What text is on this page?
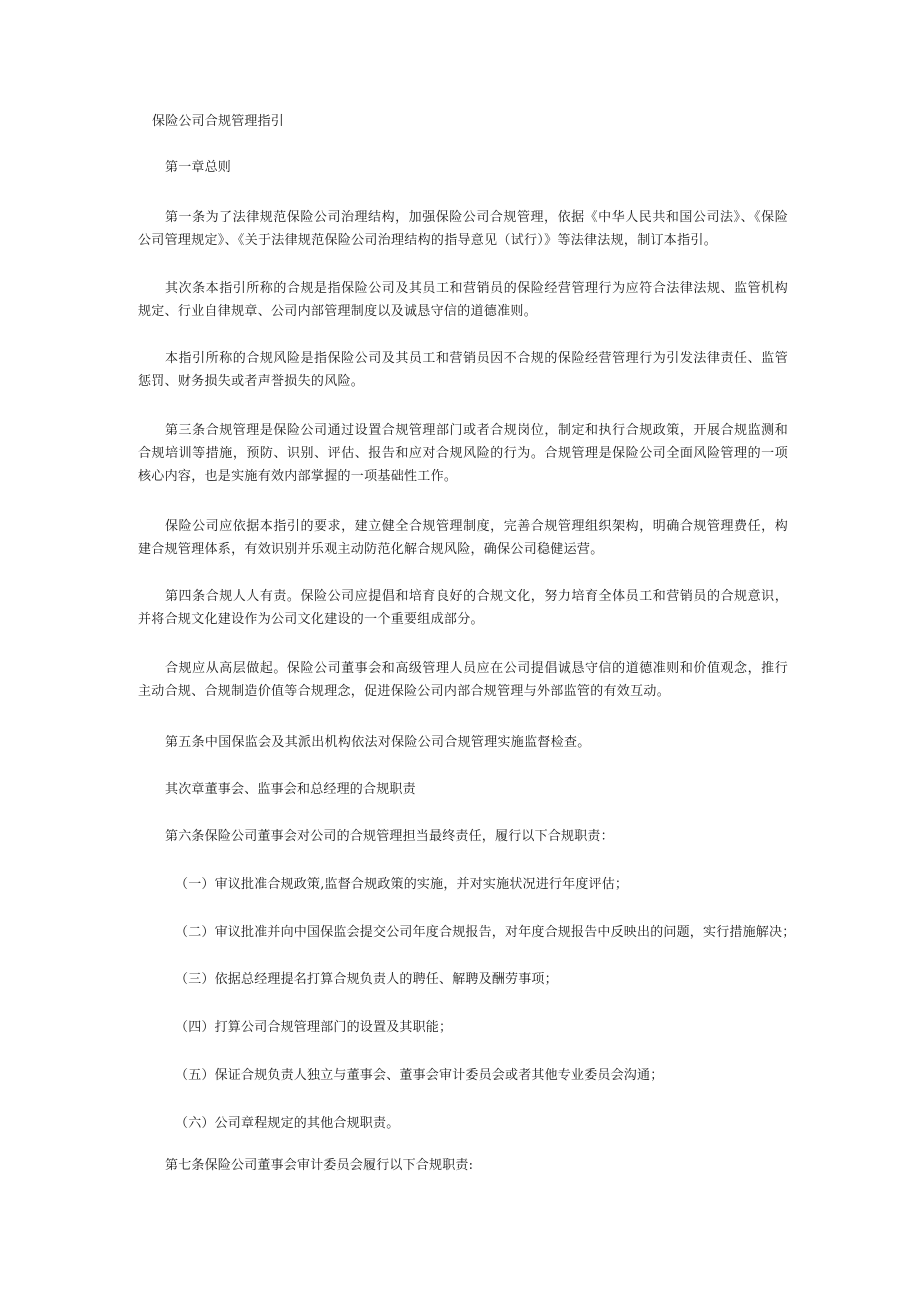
保险公司合规管理指引
第一章总则
第一条为了法律规范保险公司治理结构，加强保险公司合规管理，依据《中华人民共和国公司法》、《保险公司管理规定》、《关于法律规范保险公司治理结构的指导意见（试行）》等法律法规，制订本指引。
其次条本指引所称的合规是指保险公司及其员工和营销员的保险经营管理行为应符合法律法规、监管机构规定、行业自律规章、公司内部管理制度以及诚恳守信的道德准则。
本指引所称的合规风险是指保险公司及其员工和营销员因不合规的保险经营管理行为引发法律责任、监管惩罚、财务损失或者声誉损失的风险。
第三条合规管理是保险公司通过设置合规管理部门或者合规岗位，制定和执行合规政策，开展合规监测和合规培训等措施，预防、识别、评估、报告和应对合规风险的行为。合规管理是保险公司全面风险管理的一项核心内容，也是实施有效内部掌握的一项基础性工作。
保险公司应依据本指引的要求，建立健全合规管理制度，完善合规管理组织架构，明确合规管理费任，构建合规管理体系，有效识别并乐观主动防范化解合规风险，确保公司稳健运营。
第四条合规人人有责。保险公司应提倡和培育良好的合规文化，努力培育全体员工和营销员的合规意识，并将合规文化建设作为公司文化建设的一个重要组成部分。
合规应从高层做起。保险公司董事会和高级管理人员应在公司提倡诚恳守信的道德准则和价值观念，推行主动合规、合规制造价值等合规理念，促进保险公司内部合规管理与外部监管的有效互动。
第五条中国保监会及其派出机构依法对保险公司合规管理实施监督检查。
其次章董事会、监事会和总经理的合规职责
第六条保险公司董事会对公司的合规管理担当最终责任，履行以下合规职责：
（一）审议批准合规政策,监督合规政策的实施，并对实施状况进行年度评估；
（二）审议批准并向中国保监会提交公司年度合规报告，对年度合规报告中反映出的问题，实行措施解决；
（三）依据总经理提名打算合规负责人的聘任、解聘及酬劳事项；
（四）打算公司合规管理部门的设置及其职能；
（五）保证合规负责人独立与董事会、董事会审计委员会或者其他专业委员会沟通；
（六）公司章程规定的其他合规职责。
第七条保险公司董事会审计委员会履行以下合规职责:
